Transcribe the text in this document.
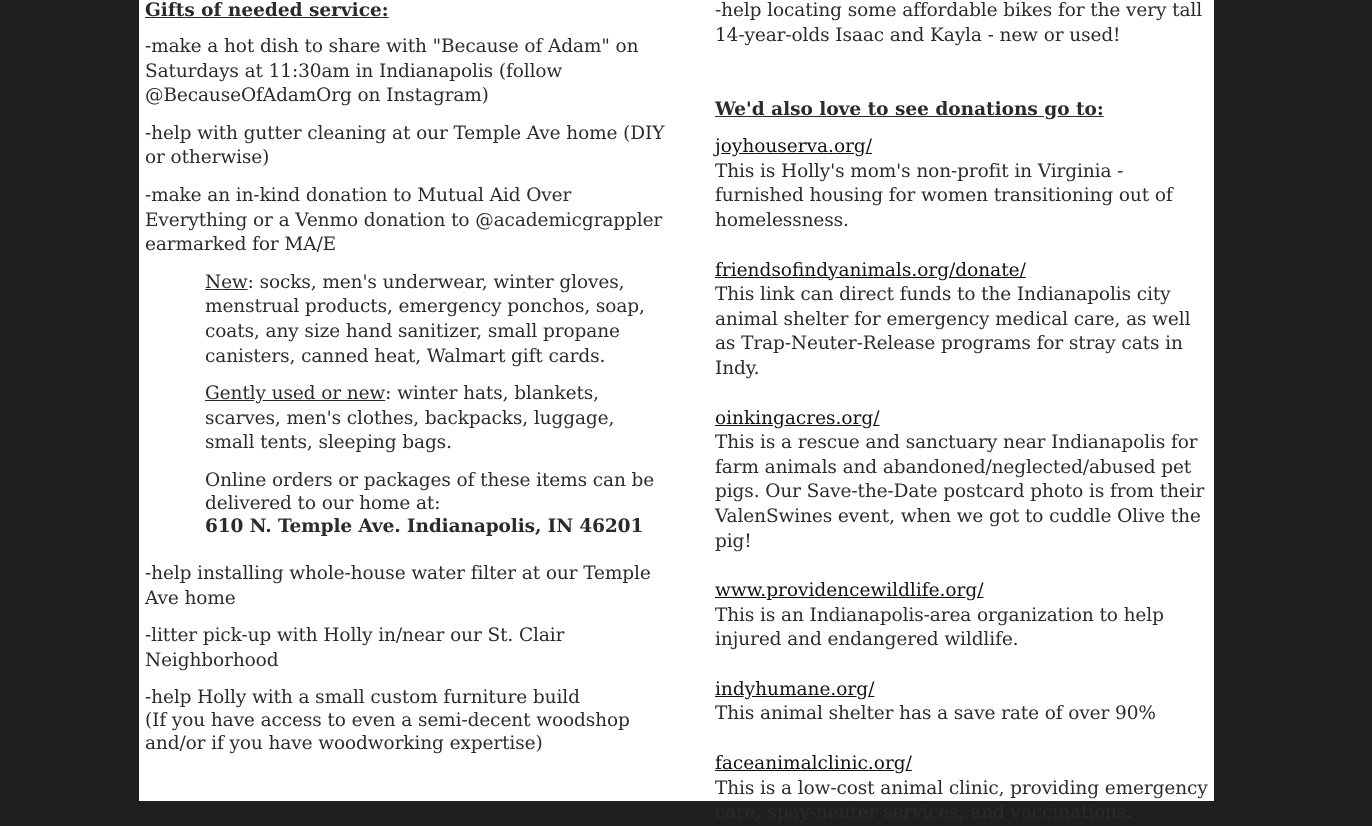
Gifts of needed service:

-make a hot dish to share with "Because of Adam" on Saturdays at 11:30am in Indianapolis (follow @BecauseOfAdamOrg on Instagram)

-help with gutter cleaning at our Temple Ave home (DIY or otherwise)

-make an in-kind donation to Mutual Aid Over Everything or a Venmo donation to @academicgrappler earmarked for MA/E

New: socks, men's underwear, winter gloves, menstrual products, emergency ponchos, soap, coats, any size hand sanitizer, small propane canisters, canned heat, Walmart gift cards.

Gently used or new: winter hats, blankets, scarves, men's clothes, backpacks, luggage, small tents, sleeping bags.

Online orders or packages of these items can be delivered to our home at:
610 N. Temple Ave. Indianapolis, IN 46201

-help installing whole-house water filter at our Temple Ave home

-litter pick-up with Holly in/near our St. Clair Neighborhood

-help Holly with a small custom furniture build
(If you have access to even a semi-decent woodshop and/or if you have woodworking expertise)

-help locating some affordable bikes for the very tall 14-year-olds Isaac and Kayla - new or used!

We'd also love to see donations go to:

joyhouserva.org/

This is Holly's mom's non-profit in Virginia - furnished housing for women transitioning out of homelessness.

friendsofindyanimals.org/donate/

This link can direct funds to the Indianapolis city animal shelter for emergency medical care, as well as Trap-Neuter-Release programs for stray cats in Indy.

oinkingacres.org/

This is a rescue and sanctuary near Indianapolis for farm animals and abandoned/neglected/abused pet pigs. Our Save-the-Date postcard photo is from their ValenSwines event, when we got to cuddle Olive the pig!

www.providencewildlife.org/

This is an Indianapolis-area organization to help injured and endangered wildlife.

indyhumane.org/

This animal shelter has a save rate of over 90%

faceanimalclinic.org/

This is a low-cost animal clinic, providing emergency care, spay-neuter services, and vaccinations.
